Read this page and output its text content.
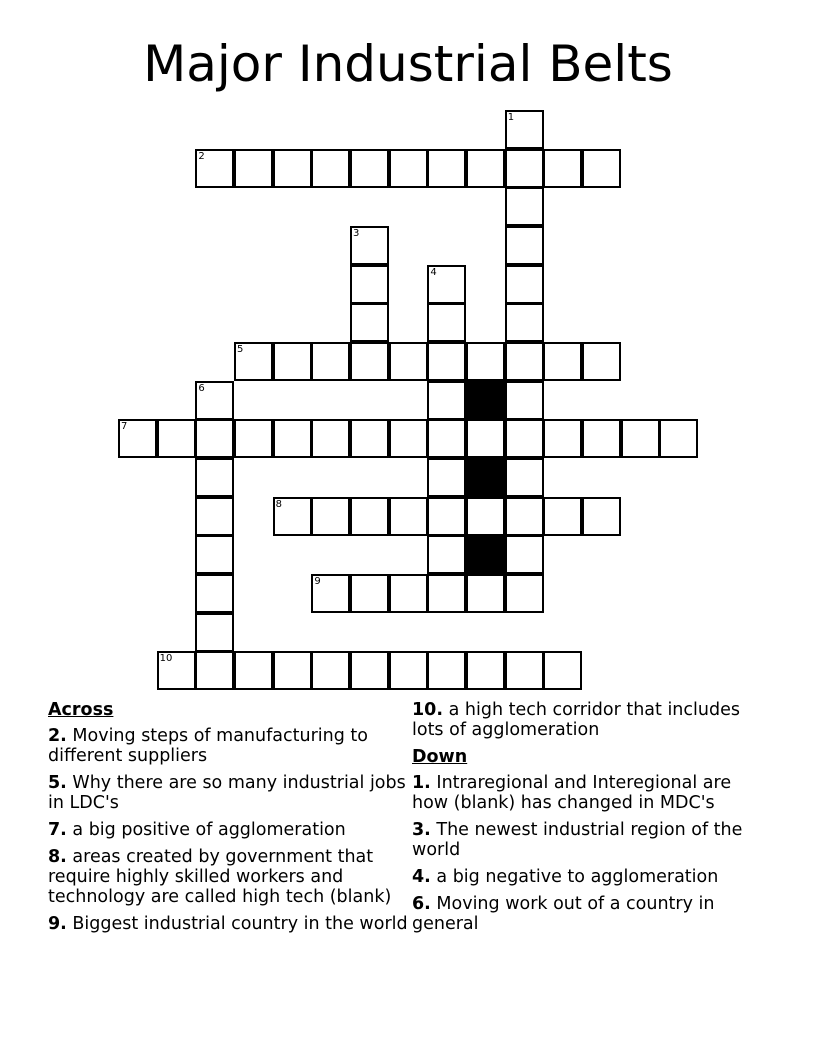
Major Industrial Belts
1
2
3
4
5
6
7
8
9
10
Across
2. Moving steps of manufacturing to different suppliers
5. Why there are so many industrial jobs in LDC's
7. a big positive of agglomeration
8. areas created by government that require highly skilled workers and technology are called high tech (blank)
9. Biggest industrial country in the world
10. a high tech corridor that includes lots of agglomeration
Down
1. Intraregional and Interegional are how (blank) has changed in MDC's
3. The newest industrial region of the world
4. a big negative to agglomeration
6. Moving work out of a country in general
